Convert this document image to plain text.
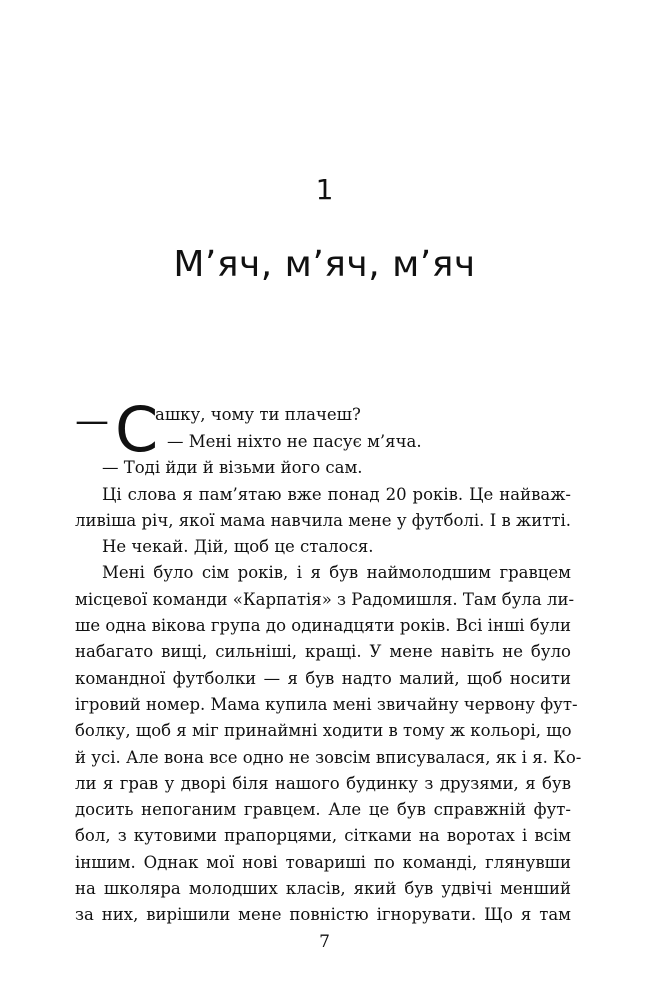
1
М’яч, м’яч, м’яч
— С
ашку, чому ти плачеш?
— Мені ніхто не пасує м’яча.
— Тоді йди й візьми його сам.
Ці слова я пам’ятаю вже понад 20 років. Це найваж-
ливіша річ, якої мама навчила мене у футболі. І в житті.
Не чекай. Дій, щоб це сталося.
Мені було сім років, і я був наймолодшим гравцем
місцевої команди «Карпатія» з Радомишля. Там була ли-
ше одна вікова група до одинадцяти років. Всі інші були
набагато вищі, сильніші, кращі. У мене навіть не було
командної футболки — я був надто малий, щоб носити
ігровий номер. Мама купила мені звичайну червону фут-
болку, щоб я міг принаймні ходити в тому ж кольорі, що
й усі. Але вона все одно не зовсім вписувалася, як і я. Ко-
ли я грав у дворі біля нашого будинку з друзями, я був
досить непоганим гравцем. Але це був справжній фут-
бол, з кутовими прапорцями, сітками на воротах і всім
іншим. Однак мої нові товариші по команді, глянувши
на школяра молодших класів, який був удвічі менший
за них, вирішили мене повністю ігнорувати. Що я там
7
